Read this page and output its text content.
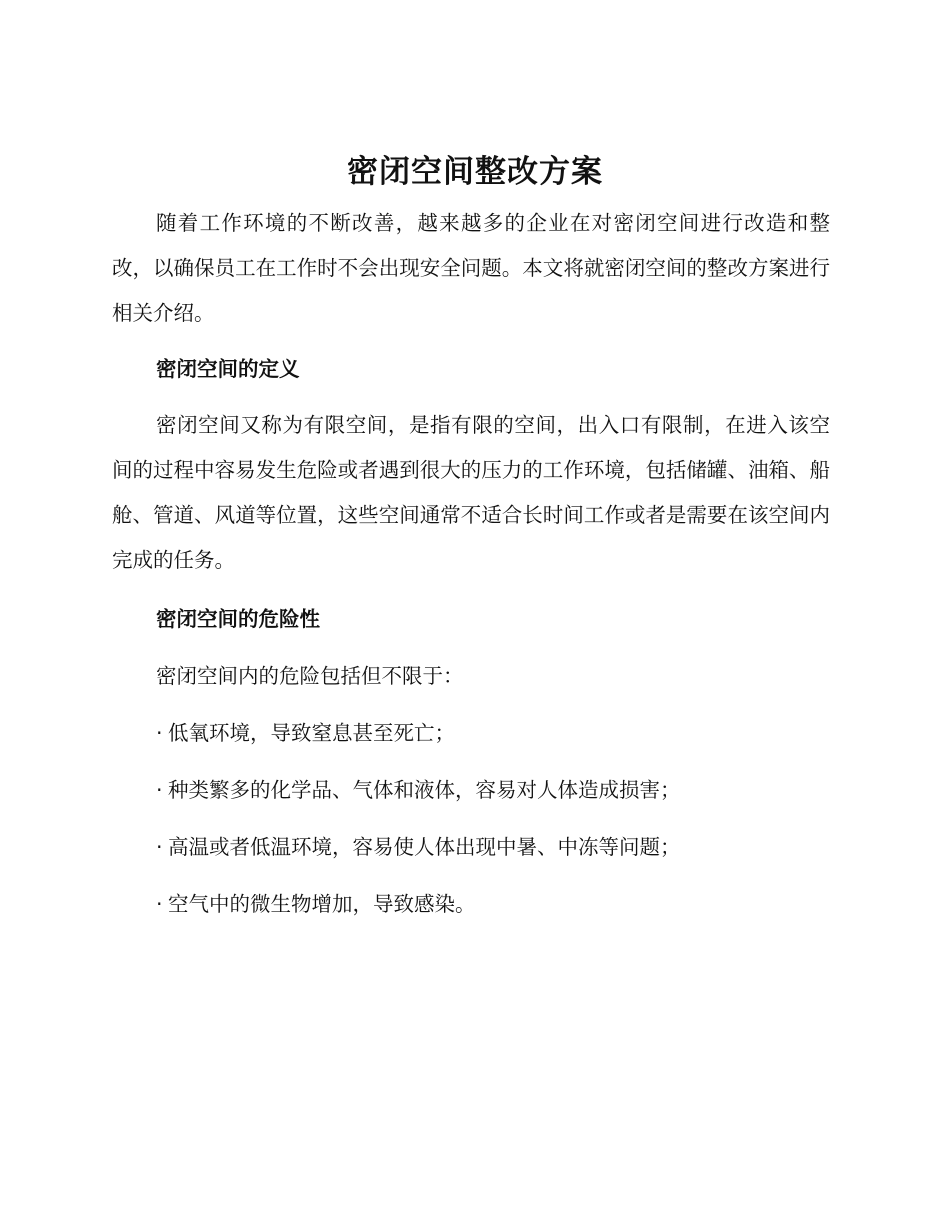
密闭空间整改方案

随着工作环境的不断改善，越来越多的企业在对密闭空间进行改造和整改，以确保员工在工作时不会出现安全问题。本文将就密闭空间的整改方案进行相关介绍。

密闭空间的定义

密闭空间又称为有限空间，是指有限的空间，出入口有限制，在进入该空间的过程中容易发生危险或者遇到很大的压力的工作环境，包括储罐、油箱、船舱、管道、风道等位置，这些空间通常不适合长时间工作或者是需要在该空间内完成的任务。

密闭空间的危险性

密闭空间内的危险包括但不限于：

· 低氧环境，导致窒息甚至死亡；
· 种类繁多的化学品、气体和液体，容易对人体造成损害；
· 高温或者低温环境，容易使人体出现中暑、中冻等问题；
· 空气中的微生物增加，导致感染。
